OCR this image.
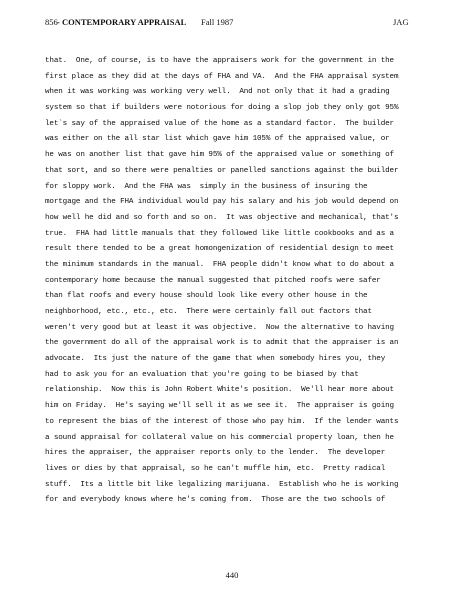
856 - CONTEMPORARY APPRAISAL Fall 1987	JAG
that.  One, of course, is to have the appraisers work for the government in the
first place as they did at the days of FHA and VA.  And the FHA appraisal system
when it was working was working very well.  And not only that it had a grading
system so that if builders were notorious for doing a slop job they only got 95%
let`s say of the appraised value of the home as a standard factor.  The builder
was either on the all star list which gave him 105% of the appraised value, or
he was on another list that gave him 95% of the appraised value or something of
that sort, and so there were penalties or panelled sanctions against the builder
for sloppy work.  And the FHA was  simply in the business of insuring the
mortgage and the FHA individual would pay his salary and his job would depend on
how well he did and so forth and so on.  It was objective and mechanical, that's
true.  FHA had little manuals that they followed like little cookbooks and as a
result there tended to be a great homongenization of residential design to meet
the minimum standards in the manual.  FHA people didn't know what to do about a
contemporary home because the manual suggested that pitched roofs were safer
than flat roofs and every house should look like every other house in the
neighborhood, etc., etc., etc.  There were certainly fall out factors that
weren't very good but at least it was objective.  Now the alternative to having
the government do all of the appraisal work is to admit that the appraiser is an
advocate.  Its just the nature of the game that when somebody hires you, they
had to ask you for an evaluation that you're going to be biased by that
relationship.  Now this is John Robert White's position.  We'll hear more about
him on Friday.  He's saying we'll sell it as we see it.  The appraiser is going
to represent the bias of the interest of those who pay him.  If the lender wants
a sound appraisal for collateral value on his commercial property loan, then he
hires the appraiser, the appraiser reports only to the lender.  The developer
lives or dies by that appraisal, so he can't muffle him, etc.  Pretty radical
stuff.  Its a little bit like legalizing marijuana.  Establish who he is working
for and everybody knows where he's coming from.  Those are the two schools of
440
